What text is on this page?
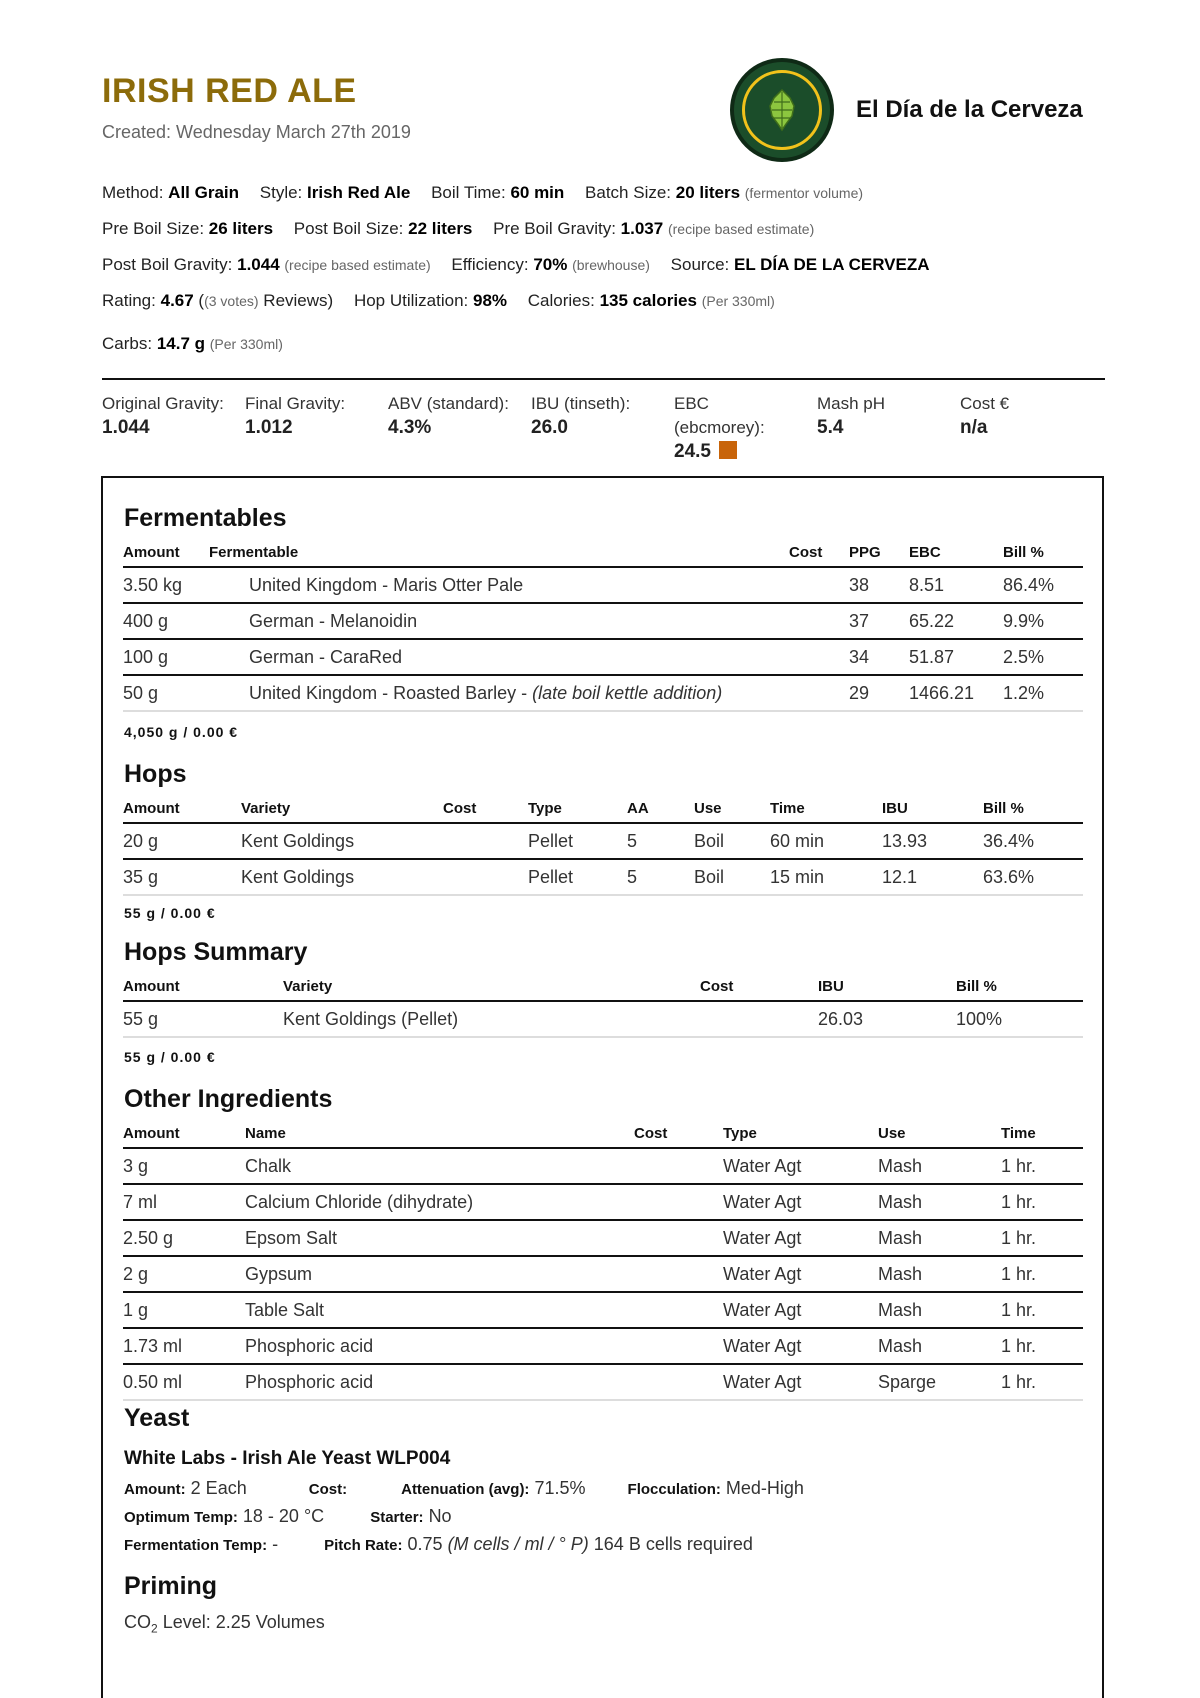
IRISH RED ALE
Created: Wednesday March 27th 2019
El Día de la Cerveza
Method: All Grain Style: Irish Red Ale Boil Time: 60 min Batch Size: 20 liters (fermentor volume)
Pre Boil Size: 26 liters Post Boil Size: 22 liters Pre Boil Gravity: 1.037 (recipe based estimate)
Post Boil Gravity: 1.044 (recipe based estimate) Efficiency: 70% (brewhouse) Source: EL DÍA DE LA CERVEZA
Rating: 4.67 ((3 votes) Reviews) Hop Utilization: 98% Calories: 135 calories (Per 330ml)
Carbs: 14.7 g (Per 330ml)
Original Gravity:
1.044
Final Gravity:
1.012
ABV (standard):
4.3%
IBU (tinseth):
26.0
EBC
(ebcmorey):
24.5
Mash pH
5.4
Cost €
n/a
Fermentables
Amount	Fermentable	Cost	PPG	EBC	Bill %
3.50 kg	United Kingdom - Maris Otter Pale		38	8.51	86.4%
400 g	German - Melanoidin		37	65.22	9.9%
100 g	German - CaraRed		34	51.87	2.5%
50 g	United Kingdom - Roasted Barley - (late boil kettle addition)		29	1466.21	1.2%
4,050 g / 0.00 €
Hops
Amount	Variety	Cost	Type	AA	Use	Time	IBU	Bill %
20 g	Kent Goldings		Pellet	5	Boil	60 min	13.93	36.4%
35 g	Kent Goldings		Pellet	5	Boil	15 min	12.1	63.6%
55 g / 0.00 €
Hops Summary
Amount	Variety	Cost	IBU	Bill %
55 g	Kent Goldings (Pellet)		26.03	100%
55 g / 0.00 €
Other Ingredients
Amount	Name	Cost	Type	Use	Time
3 g	Chalk		Water Agt	Mash	1 hr.
7 ml	Calcium Chloride (dihydrate)		Water Agt	Mash	1 hr.
2.50 g	Epsom Salt		Water Agt	Mash	1 hr.
2 g	Gypsum		Water Agt	Mash	1 hr.
1 g	Table Salt		Water Agt	Mash	1 hr.
1.73 ml	Phosphoric acid		Water Agt	Mash	1 hr.
0.50 ml	Phosphoric acid		Water Agt	Sparge	1 hr.
Yeast
White Labs - Irish Ale Yeast WLP004
Amount: 2 Each	Cost:	Attenuation (avg): 71.5%	Flocculation: Med-High
Optimum Temp: 18 - 20 °C	Starter: No
Fermentation Temp: -	Pitch Rate: 0.75 (M cells / ml / ° P) 164 B cells required
Priming
$CO_2$ Level: 2.25 Volumes
